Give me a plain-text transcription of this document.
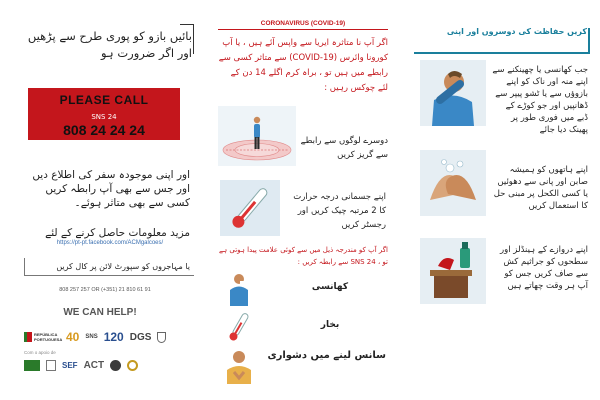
بائیں بازو کو پوری طرح سے پڑھیں اور اگر ضرورت ہو
PLEASE CALL
SNS 24
808 24 24 24
اور اپنی موجودہ سفر کی اطلاع دیں اور جس سے بھی آپ رابطہ کریں کسی سے بھی متاثر ہوئے۔
مزید معلومات حاصل کرنے کے لئے
https://pt-pt.facebook.com/ACMgalcoes/
یا مہاجروں کو سپورٹ لائن پر کال کریں
808 257 257 OR (+351) 21 810 61 91
WE CAN HELP!
REPÚBLICA PORTUGUESA 40 SNS 120 DGS
Com o apoio de
SEF ACT
CORONAVIRUS (COVID-19)
اگر آپ نا متاثرہ ایریا سے واپس آئے ہیں ، یا آپ کورونا وائرس (COVID-19) سے متاثر کسی سے رابطے میں ہیں تو ، براہ کرم اگلے 14 دن کے لئے چوکس رہیں :
دوسرے لوگوں سے رابطے سے گریز کریں
اپنے جسمانی درجہ حرارت کا 2 مرتبہ چیک کریں اور رجسٹر کریں
اگر آپ کو مندرجہ ذیل میں سے کوئی علامت پیدا ہوتی ہے تو ، 24 SNS سے رابطہ کریں :
کھانسی
بخار
سانس لینے میں دشواری
کریں حفاظت کی دوسروں اور اپنی
جب کھانسی یا چھینکنے سے اپنے منہ اور ناک کو اپنے بازوؤں سے یا ٹشو پیپر سے ڈھانپیں اور جو کوڑے کے ڈبے میں فوری طور پر پھینک دیا جائے
اپنے ہاتھوں کو ہمیشہ صابن اور پانی سے دھوئیں یا کسی الکحل پر مبنی حل کا استعمال کریں
اپنے دروازے کے ہینڈلز اور سطحوں کو جراثیم کش سے صاف کریں جس کو آپ ہر وقت چھاتے ہیں
